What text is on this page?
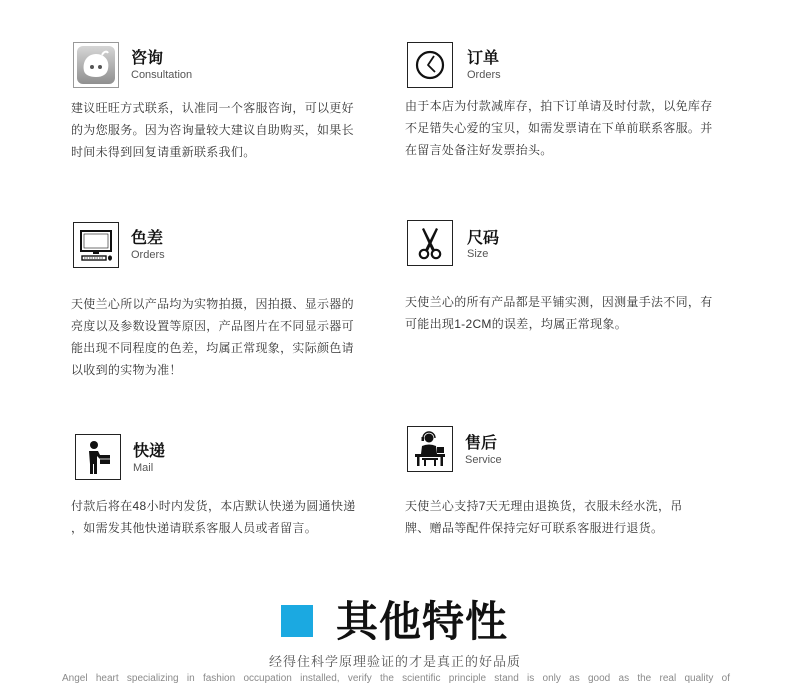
咨询
Consultation
建议旺旺方式联系，认准同一个客服咨询，可以更好
的为您服务。因为咨询量较大建议自助购买，如果长
时间未得到回复请重新联系我们。
订单
Orders
由于本店为付款减库存，拍下订单请及时付款，以免库存
不足错失心爱的宝贝，如需发票请在下单前联系客服。并
在留言处备注好发票抬头。
色差
Orders
天使兰心所以产品均为实物拍摄，因拍摄、显示器的
亮度以及参数设置等原因，产品图片在不同显示器可
能出现不同程度的色差，均属正常现象，实际颜色请
以收到的实物为准！
尺码
Size
天使兰心的所有产品都是平铺实测，因测量手法不同，有
可能出现1-2CM的误差，均属正常现象。
快递
Mail
付款后将在48小时内发货，本店默认快递为圆通快递
，如需发其他快递请联系客服人员或者留言。
售后
Service
天使兰心支持7天无理由退换货，衣服未经水洗，吊
牌、赠品等配件保持完好可联系客服进行退货。
其他特性
经得住科学原理验证的才是真正的好品质
Angel heart specializing in fashion occupation installed, verify the scientific principle stand is only as good as the real quality of
